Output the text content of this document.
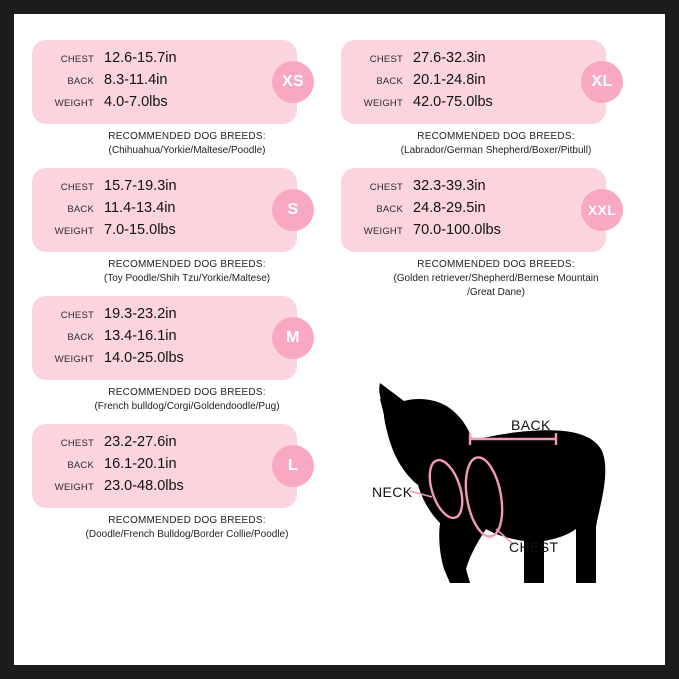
CHEST 12.6-15.7in
BACK 8.3-11.4in
WEIGHT 4.0-7.0lbs
XS
RECOMMENDED DOG BREEDS:
(Chihuahua/Yorkie/Maltese/Poodle)
CHEST 15.7-19.3in
BACK 11.4-13.4in
WEIGHT 7.0-15.0lbs
S
RECOMMENDED DOG BREEDS:
(Toy Poodle/Shih Tzu/Yorkie/Maltese)
CHEST 19.3-23.2in
BACK 13.4-16.1in
WEIGHT 14.0-25.0lbs
M
RECOMMENDED DOG BREEDS:
(French bulldog/Corgi/Goldendoodle/Pug)
CHEST 23.2-27.6in
BACK 16.1-20.1in
WEIGHT 23.0-48.0lbs
L
RECOMMENDED DOG BREEDS:
(Doodle/French Bulldog/Border Collie/Poodle)
CHEST 27.6-32.3in
BACK 20.1-24.8in
WEIGHT 42.0-75.0lbs
XL
RECOMMENDED DOG BREEDS:
(Labrador/German Shepherd/Boxer/Pitbull)
CHEST 32.3-39.3in
BACK 24.8-29.5in
WEIGHT 70.0-100.0lbs
XXL
RECOMMENDED DOG BREEDS:
(Golden retriever/Shepherd/Bernese Mountain
/Great Dane)
BACK
NECK
CHEST
